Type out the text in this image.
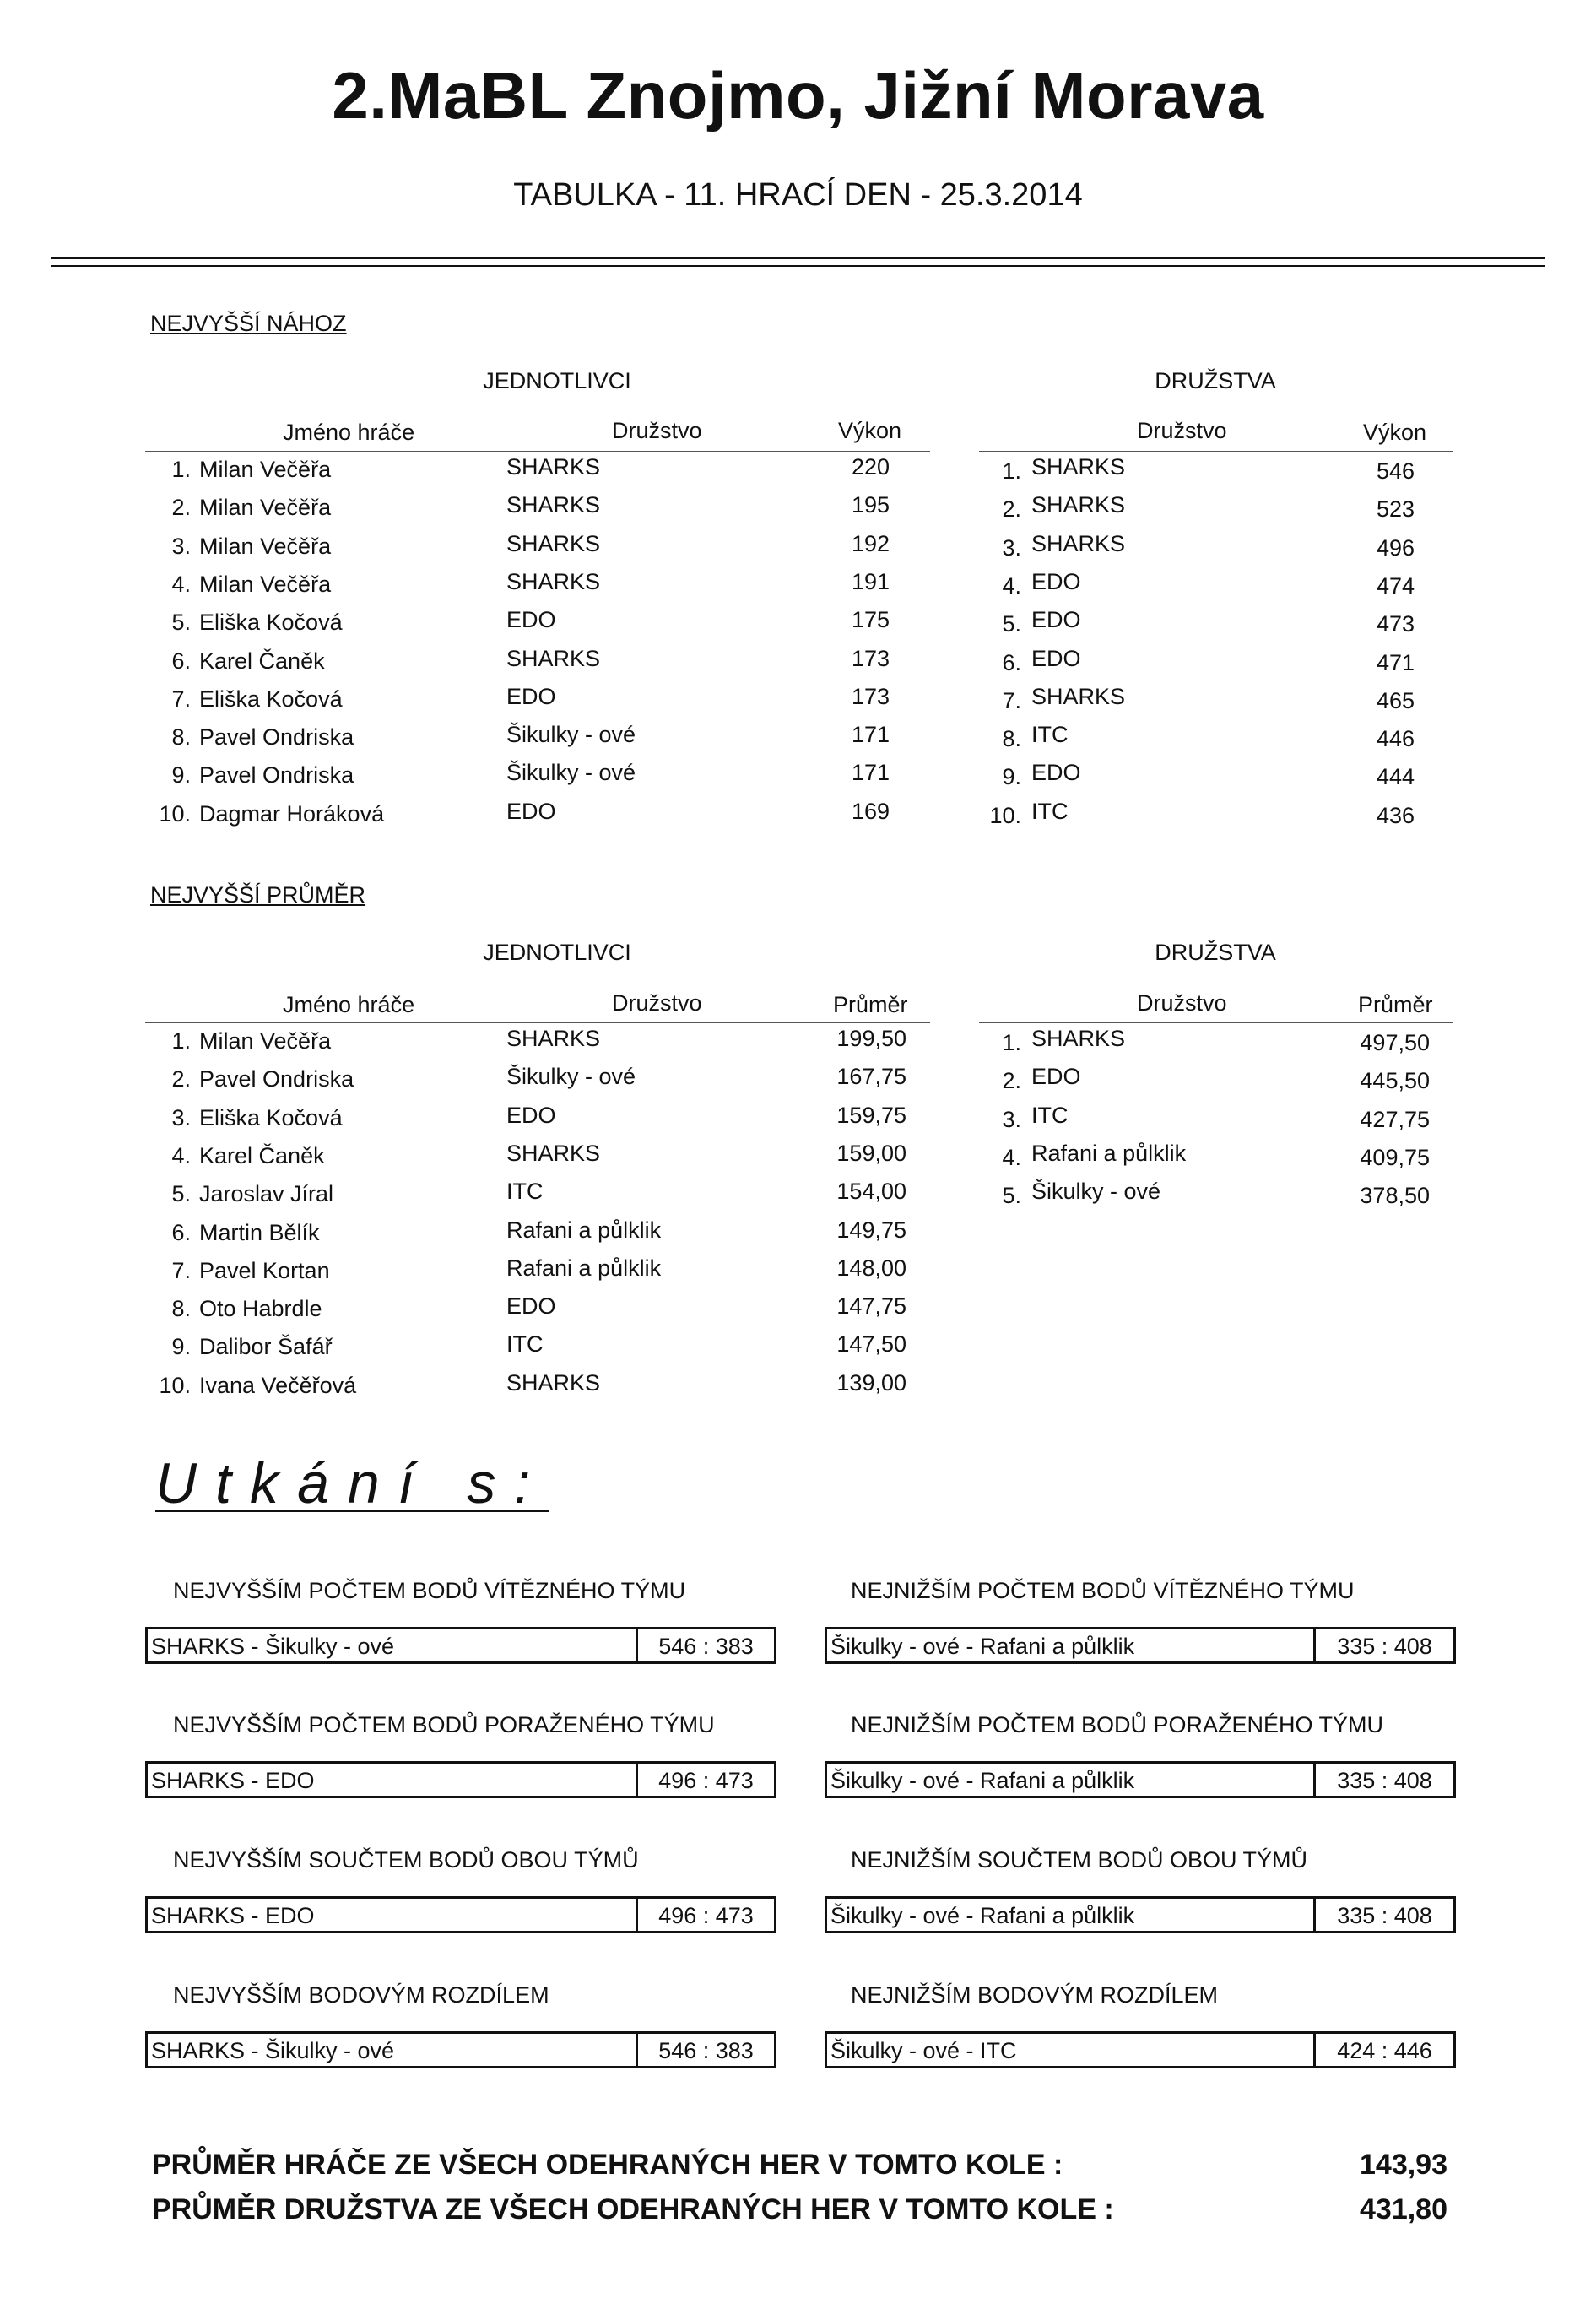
2.MaBL Znojmo, Jižní Morava
TABULKA - 11. HRACÍ DEN - 25.3.2014
NEJVYŠŠÍ NÁHOZ
JEDNOTLIVCI	DRUŽSTVA
Jméno hráče	Družstvo	Výkon	Družstvo	Výkon
1. Milan Večěřa	SHARKS	220
2. Milan Večěřa	SHARKS	195
3. Milan Večěřa	SHARKS	192
4. Milan Večěřa	SHARKS	191
5. Eliška Kočová	EDO	175
6. Karel Čaněk	SHARKS	173
7. Eliška Kočová	EDO	173
8. Pavel Ondriska	Šikulky - ové	171
9. Pavel Ondriska	Šikulky - ové	171
10. Dagmar Horáková	EDO	169
1. SHARKS	546
2. SHARKS	523
3. SHARKS	496
4. EDO	474
5. EDO	473
6. EDO	471
7. SHARKS	465
8. ITC	446
9. EDO	444
10. ITC	436
NEJVYŠŠÍ PRŮMĚR
JEDNOTLIVCI	DRUŽSTVA
Jméno hráče	Družstvo	Průměr	Družstvo	Průměr
1. Milan Večěřa	SHARKS	199,50
2. Pavel Ondriska	Šikulky - ové	167,75
3. Eliška Kočová	EDO	159,75
4. Karel Čaněk	SHARKS	159,00
5. Jaroslav Jíral	ITC	154,00
6. Martin Bělík	Rafani a půlklik	149,75
7. Pavel Kortan	Rafani a půlklik	148,00
8. Oto Habrdle	EDO	147,75
9. Dalibor Šafář	ITC	147,50
10. Ivana Večěřová	SHARKS	139,00
1. SHARKS	497,50
2. EDO	445,50
3. ITC	427,75
4. Rafani a půlklik	409,75
5. Šikulky - ové	378,50
Utkání s:
NEJVYŠŠÍM POČTEM BODŮ VÍTĚZNÉHO TÝMU
SHARKS - Šikulky - ové	546 : 383
NEJNIŽŠÍM POČTEM BODŮ VÍTĚZNÉHO TÝMU
Šikulky - ové - Rafani a půlklik	335 : 408
NEJVYŠŠÍM POČTEM BODŮ PORAŽENÉHO TÝMU
SHARKS - EDO	496 : 473
NEJNIŽŠÍM POČTEM BODŮ PORAŽENÉHO TÝMU
Šikulky - ové - Rafani a půlklik	335 : 408
NEJVYŠŠÍM SOUČTEM BODŮ OBOU TÝMŮ
SHARKS - EDO	496 : 473
NEJNIŽŠÍM SOUČTEM BODŮ OBOU TÝMŮ
Šikulky - ové - Rafani a půlklik	335 : 408
NEJVYŠŠÍM BODOVÝM ROZDÍLEM
SHARKS - Šikulky - ové	546 : 383
NEJNIŽŠÍM BODOVÝM ROZDÍLEM
Šikulky - ové - ITC	424 : 446
PRŮMĚR HRÁČE ZE VŠECH ODEHRANÝCH HER V TOMTO KOLE :	143,93
PRŮMĚR DRUŽSTVA ZE VŠECH ODEHRANÝCH HER V TOMTO KOLE :	431,80
